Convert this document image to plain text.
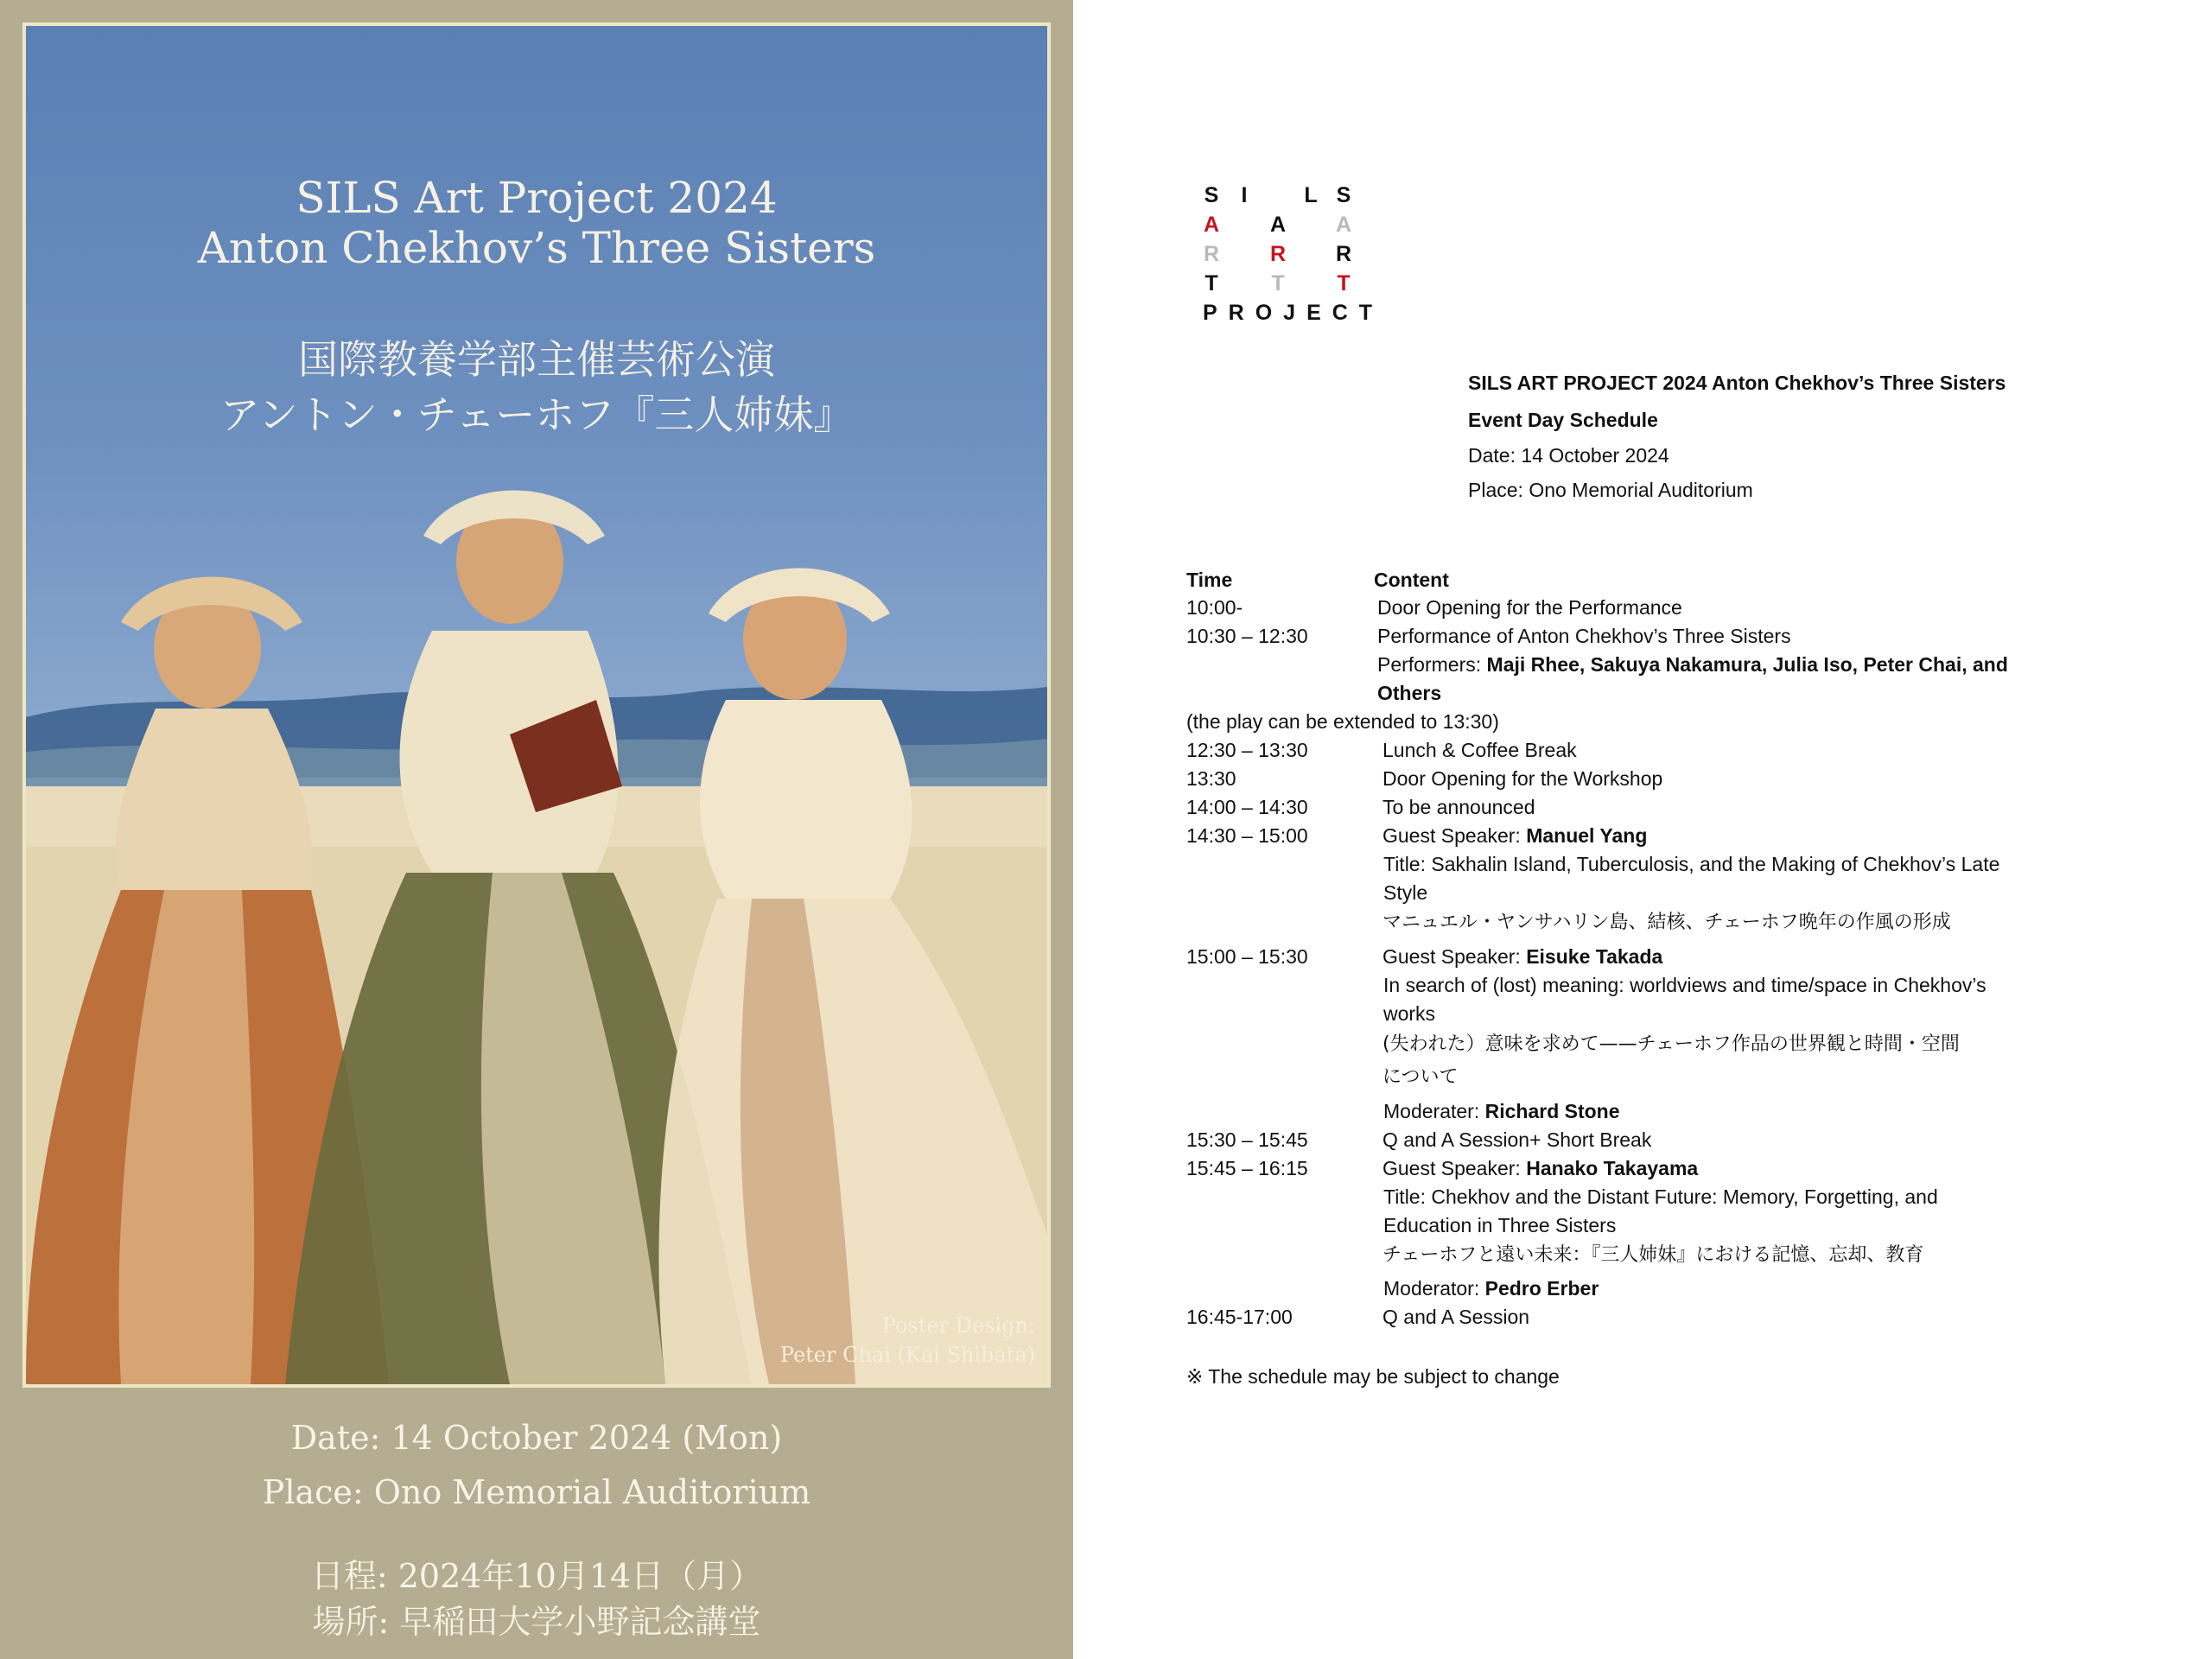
SILS Art Project 2024
Anton Chekhov’s Three Sisters
国際教養学部主催芸術公演
アントン・チェーホフ『三人姉妹』
Poster Design:
Peter Chai (Kai Shibata)
Date: 14 October 2024 (Mon)
Place: Ono Memorial Auditorium
日程: 2024年10月14日（月）
場所: 早稲田大学小野記念講堂
S I	L S
A A A
R R R
T T T
PROJECT
SILS ART PROJECT 2024 Anton Chekhov’s Three Sisters
Event Day Schedule
Date: 14 October 2024
Place: Ono Memorial Auditorium
Time	Content
10:00-	Door Opening for the Performance
10:30 – 12:30	Performance of Anton Chekhov’s Three Sisters
Performers: Maji Rhee, Sakuya Nakamura, Julia Iso, Peter Chai, and
Others
(the play can be extended to 13:30)
12:30 – 13:30	Lunch & Coffee Break
13:30	Door Opening for the Workshop
14:00 – 14:30	To be announced
14:30 – 15:00	Guest Speaker: Manuel Yang
Title: Sakhalin Island, Tuberculosis, and the Making of Chekhov’s Late
Style
マニュエル・ヤンサハリン島、結核、チェーホフ晩年の作風の形成
15:00 – 15:30	Guest Speaker: Eisuke Takada
In search of (lost) meaning: worldviews and time/space in Chekhov’s
works
(失われた）意味を求めて——チェーホフ作品の世界観と時間・空間
について
Moderater: Richard Stone
15:30 – 15:45	Q and A Session+ Short Break
15:45 – 16:15	Guest Speaker: Hanako Takayama
Title: Chekhov and the Distant Future: Memory, Forgetting, and
Education in Three Sisters
チェーホフと遠い未来：『三人姉妹』における記憶、忘却、教育
Moderator: Pedro Erber
16:45-17:00	Q and A Session
※ The schedule may be subject to change
